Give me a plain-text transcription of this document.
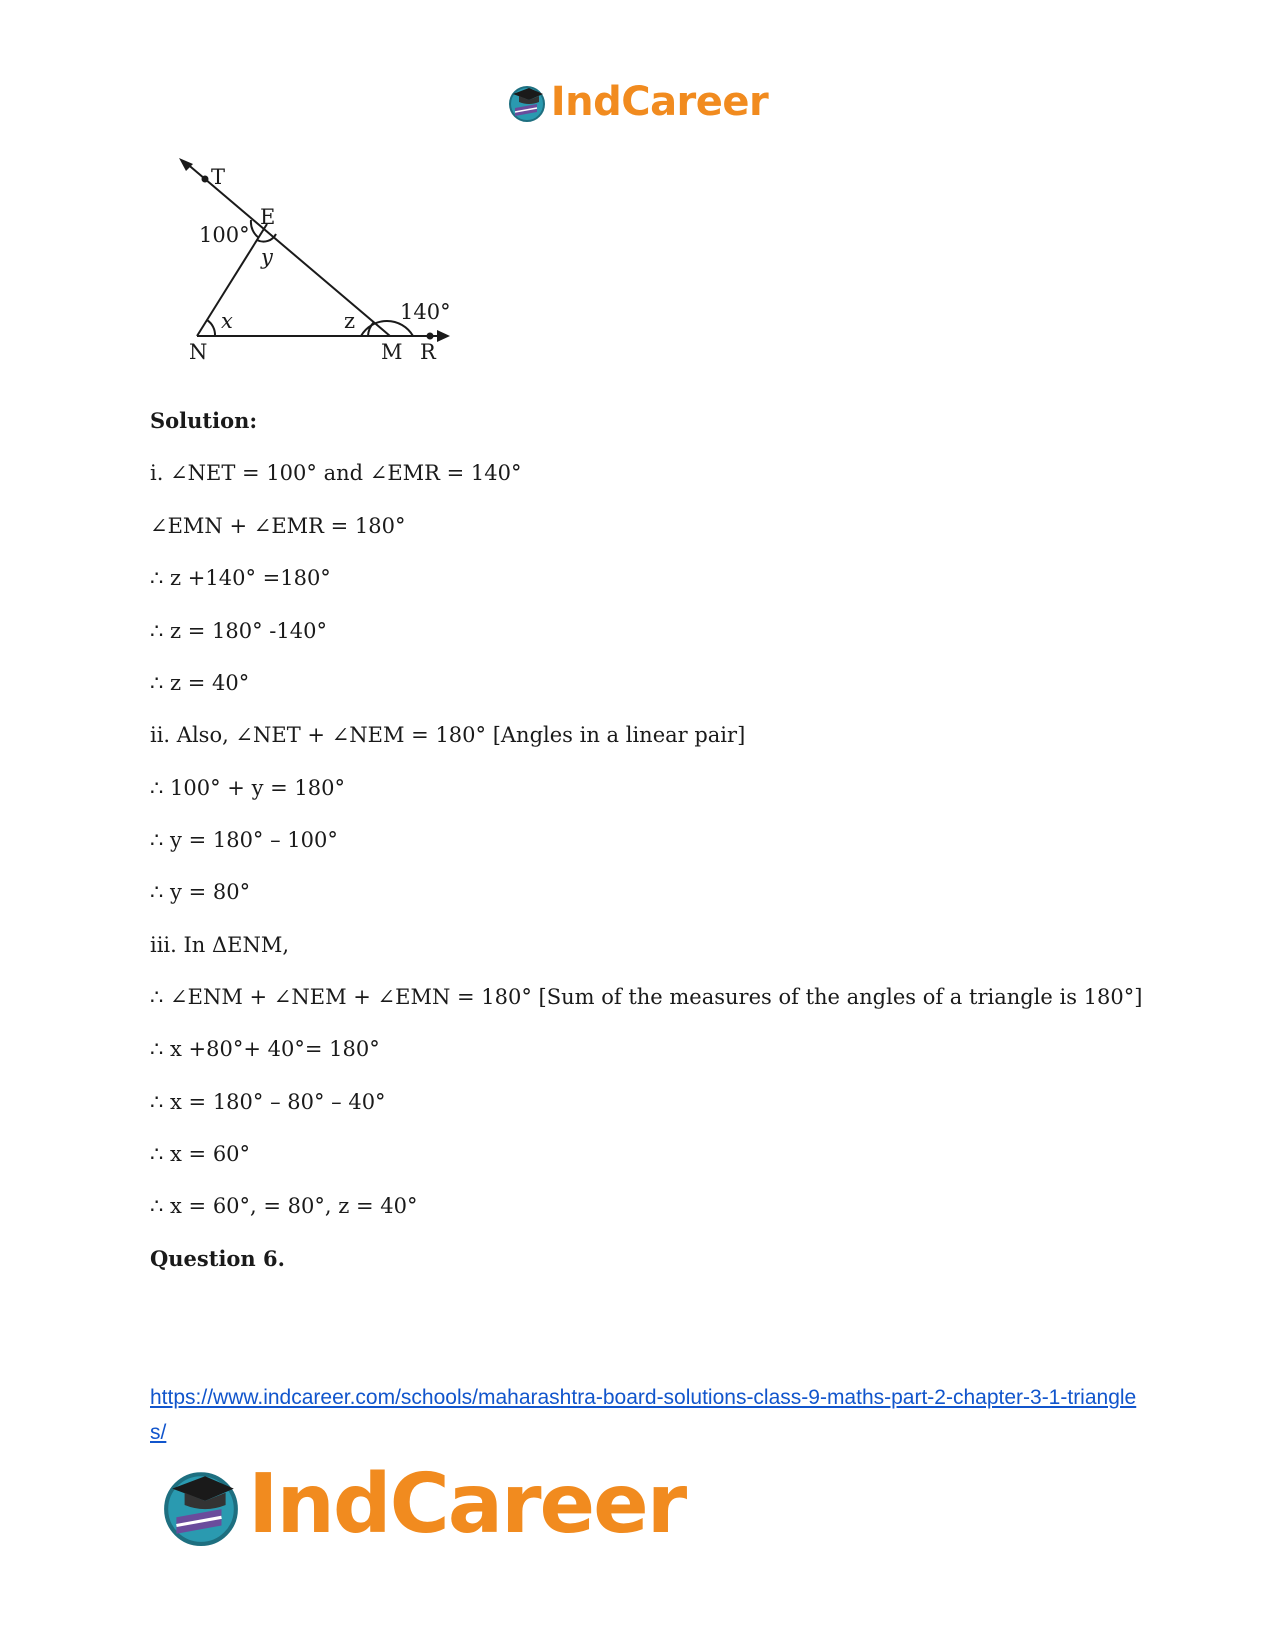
IndCareer
T
E
100°
y
x	z 140°
N	M R
Solution:
i. ∠NET = 100° and ∠EMR = 140°
∠EMN + ∠EMR = 180°
∴ z +140° =180°
∴ z = 180° -140°
∴ z = 40°
ii. Also, ∠NET + ∠NEM = 180° [Angles in a linear pair]
∴ 100° + y = 180°
∴ y = 180° – 100°
∴ y = 80°
iii. In ΔENM,
∴ ∠ENM + ∠NEM + ∠EMN = 180° [Sum of the measures of the angles of a triangle is 180°]
∴ x +80°+ 40°= 180°
∴ x = 180° – 80° – 40°
∴ x = 60°
∴ x = 60°, = 80°, z = 40°
Question 6.
https://www.indcareer.com/schools/maharashtra-board-solutions-class-9-maths-part-2-chapter-3-1-triangles/
IndCareer
